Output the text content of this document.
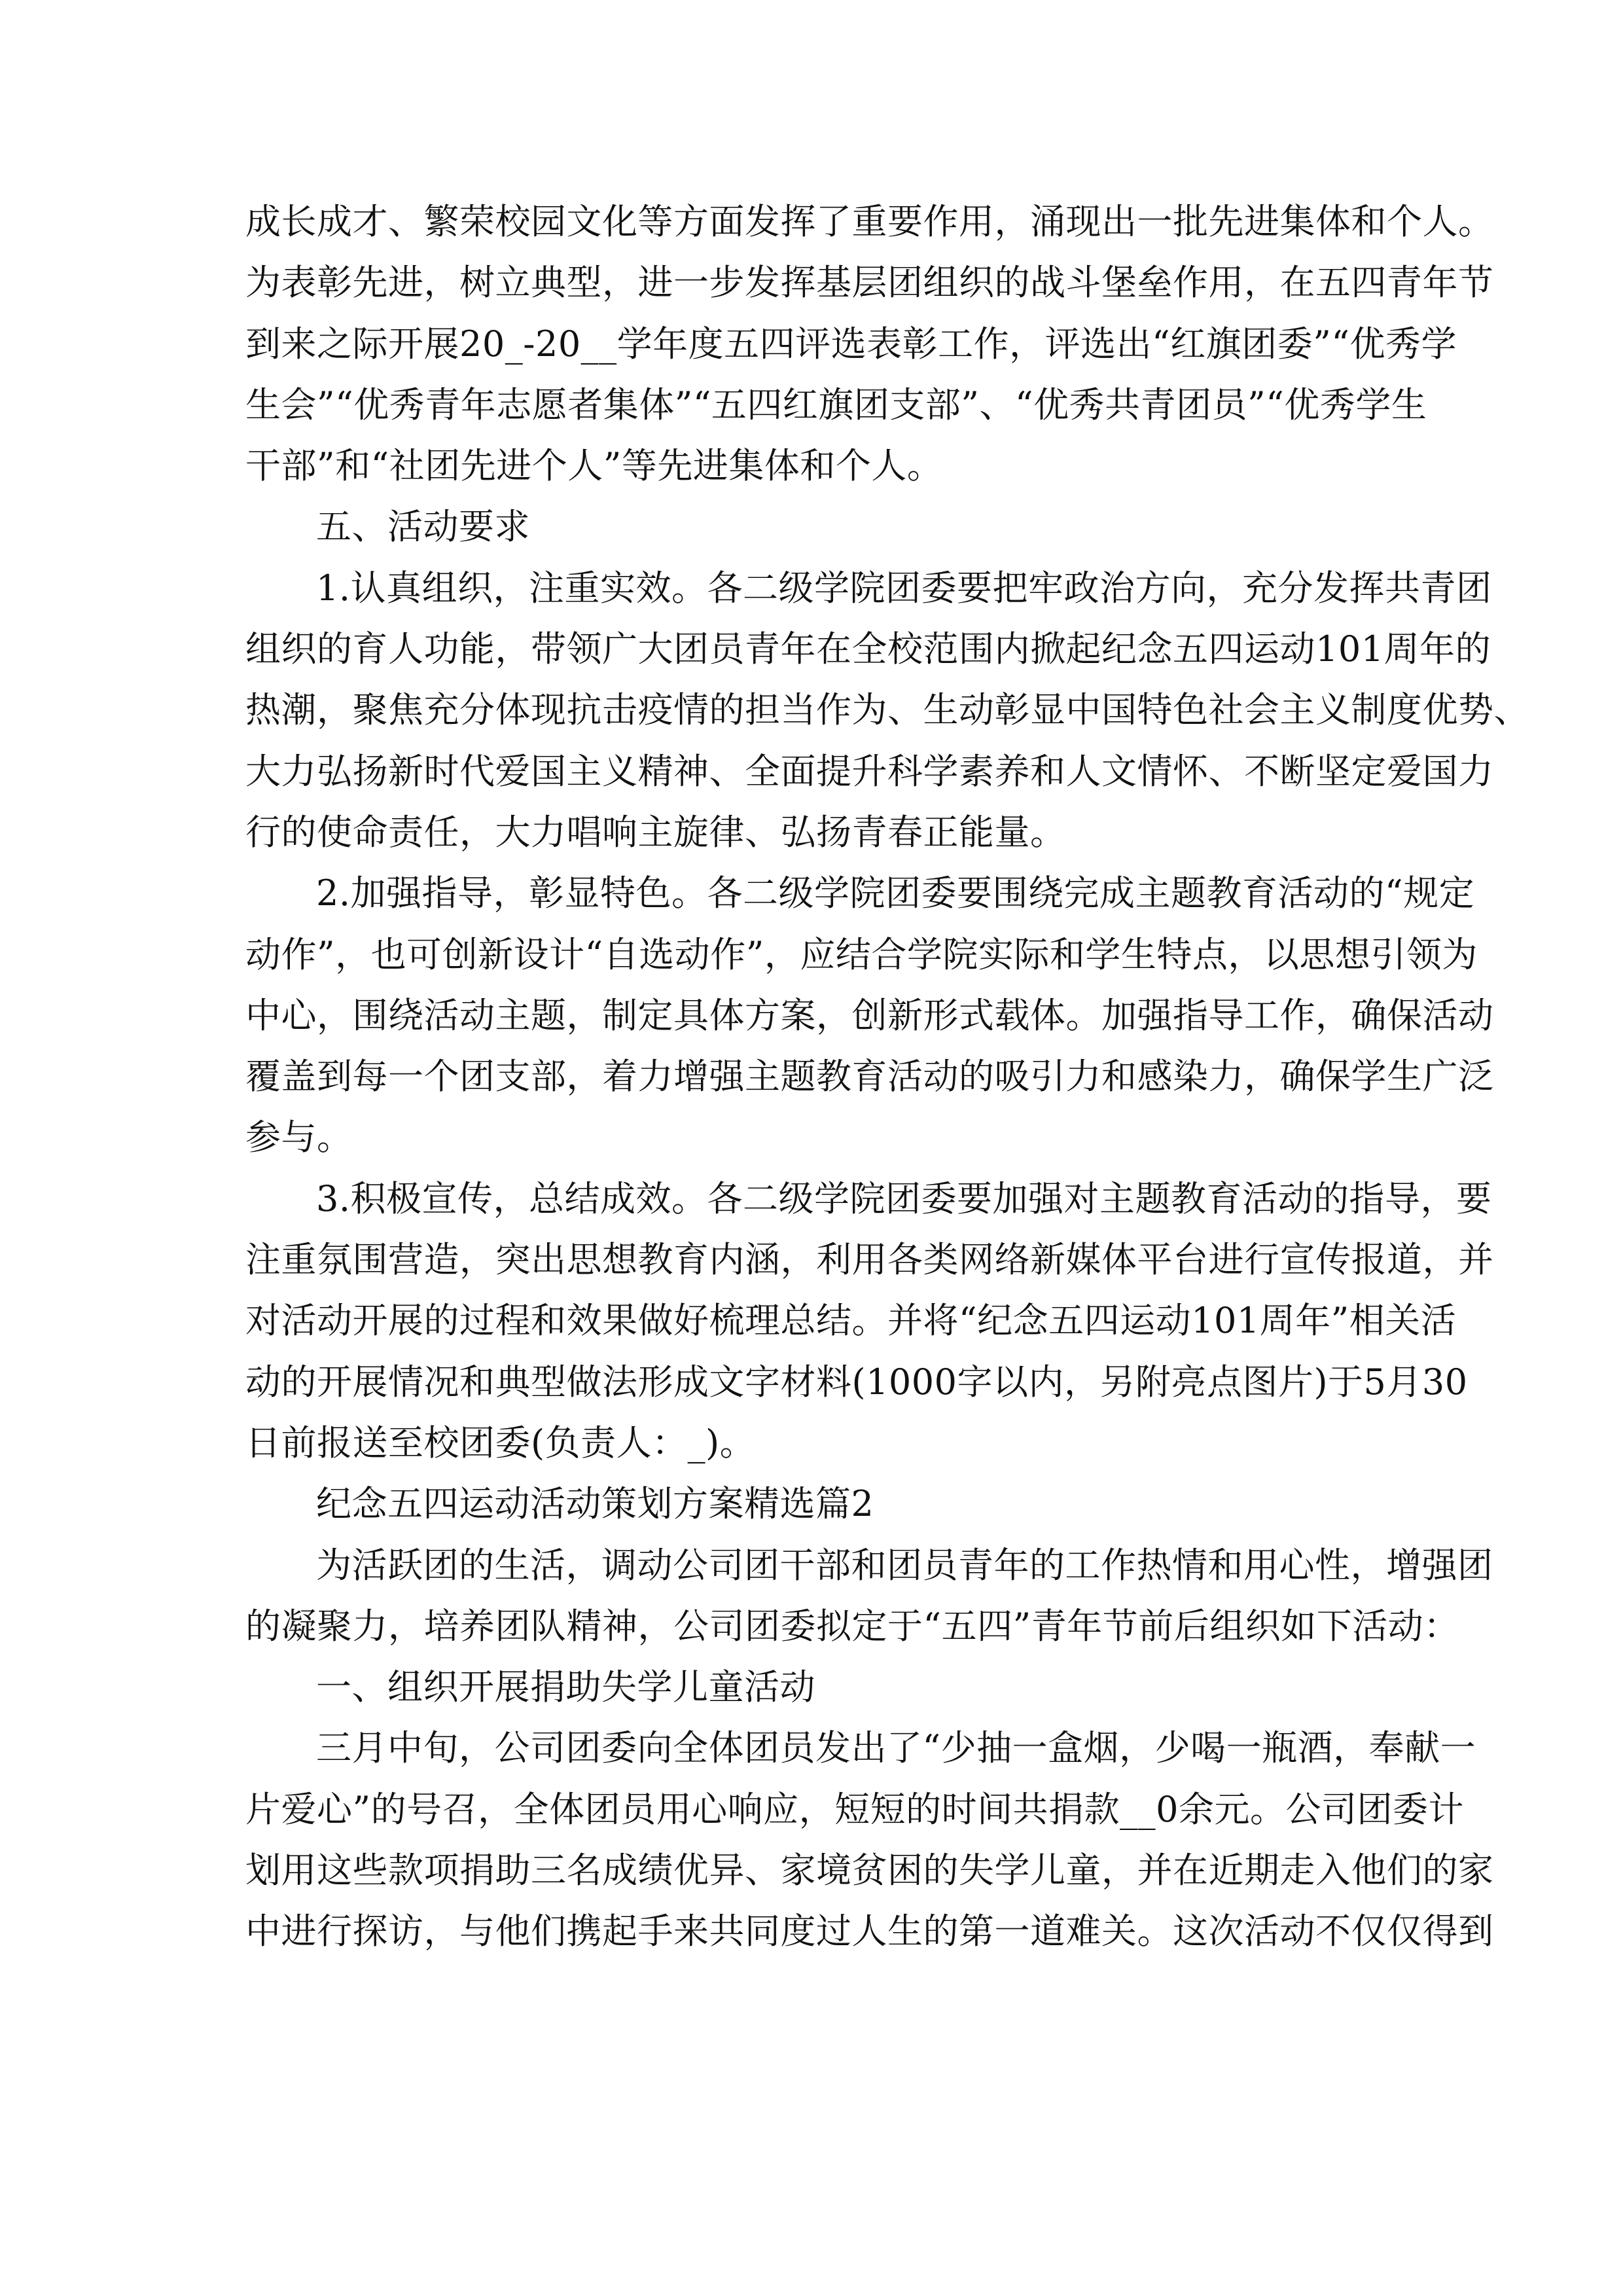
成长成才、繁荣校园文化等方面发挥了重要作用，涌现出一批先进集体和个人。
为表彰先进，树立典型，进一步发挥基层团组织的战斗堡垒作用，在五四青年节
到来之际开展20_-20__学年度五四评选表彰工作，评选出“红旗团委”“优秀学
生会”“优秀青年志愿者集体”“五四红旗团支部”、“优秀共青团员”“优秀学生
干部”和“社团先进个人”等先进集体和个人。
五、活动要求
1.认真组织，注重实效。各二级学院团委要把牢政治方向，充分发挥共青团
组织的育人功能，带领广大团员青年在全校范围内掀起纪念五四运动101周年的
热潮，聚焦充分体现抗击疫情的担当作为、生动彰显中国特色社会主义制度优势、
大力弘扬新时代爱国主义精神、全面提升科学素养和人文情怀、不断坚定爱国力
行的使命责任，大力唱响主旋律、弘扬青春正能量。
2.加强指导，彰显特色。各二级学院团委要围绕完成主题教育活动的“规定
动作”，也可创新设计“自选动作”，应结合学院实际和学生特点，以思想引领为
中心，围绕活动主题，制定具体方案，创新形式载体。加强指导工作，确保活动
覆盖到每一个团支部，着力增强主题教育活动的吸引力和感染力，确保学生广泛
参与。
3.积极宣传，总结成效。各二级学院团委要加强对主题教育活动的指导，要
注重氛围营造，突出思想教育内涵，利用各类网络新媒体平台进行宣传报道，并
对活动开展的过程和效果做好梳理总结。并将“纪念五四运动101周年”相关活
动的开展情况和典型做法形成文字材料(1000字以内，另附亮点图片)于5月30
日前报送至校团委(负责人：_)。
纪念五四运动活动策划方案精选篇2
为活跃团的生活，调动公司团干部和团员青年的工作热情和用心性，增强团
的凝聚力，培养团队精神，公司团委拟定于“五四”青年节前后组织如下活动：
一、组织开展捐助失学儿童活动
三月中旬，公司团委向全体团员发出了“少抽一盒烟，少喝一瓶酒，奉献一
片爱心”的号召，全体团员用心响应，短短的时间共捐款__0余元。公司团委计
划用这些款项捐助三名成绩优异、家境贫困的失学儿童，并在近期走入他们的家
中进行探访，与他们携起手来共同度过人生的第一道难关。这次活动不仅仅得到
